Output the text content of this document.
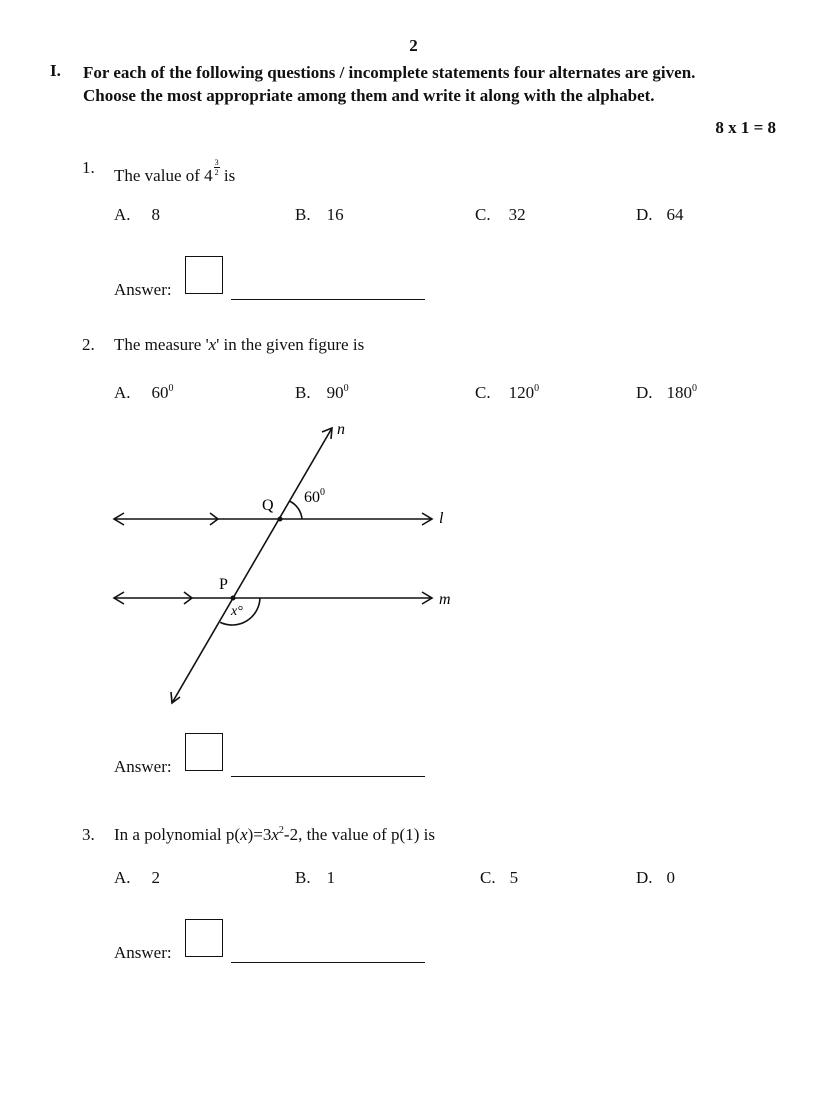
2
I. For each of the following questions / incomplete statements four alternates are given.
Choose the most appropriate among them and write it along with the alphabet.
8 x 1 = 8
1. The value of $4 \frac{3}{2}$ is
A. 8	B. 16	C. 32	D. 64
Answer:
2. The measure 'x' in the given figure is
A. $60^0$	B. $90^0$	C. $120^0$	D. $180^0$
n
l
m
Q
P
$60^0$
x°
Answer:
3. In a polynomial $p(x)=3x^2-2$, the value of p(1) is
A. 2	B. 1	C. 5	D. 0
Answer:
